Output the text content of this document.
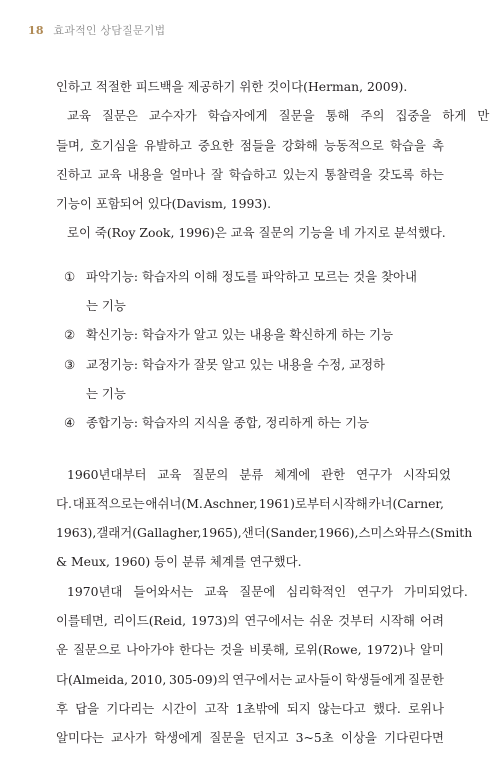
18 효과적인 상담질문기법
인하고 적절한 피드백을 제공하기 위한 것이다(Herman, 2009).
교육 질문은 교수자가 학습자에게 질문을 통해 주의 집중을 하게 만
들며, 호기심을 유발하고 중요한 점들을 강화해 능동적으로 학습을 촉
진하고 교육 내용을 얼마나 잘 학습하고 있는지 통찰력을 갖도록 하는
기능이 포함되어 있다(Davism, 1993).
로이 죽(Roy Zook, 1996)은 교육 질문의 기능을 네 가지로 분석했다.
① 파악기능: 학습자의 이해 정도를 파악하고 모르는 것을 찾아내
는 기능
② 확신기능: 학습자가 알고 있는 내용을 확신하게 하는 기능
③ 교정기능: 학습자가 잘못 알고 있는 내용을 수정, 교정하
는 기능
④ 종합기능: 학습자의 지식을 종합, 정리하게 하는 기능
1960년대부터 교육 질문의 분류 체계에 관한 연구가 시작되었
다. 대표적으로는 애쉬너(M. Aschner, 1961)로부터 시작해 카너(Carner,
1963), 갤래거(Gallagher, 1965), 샌더(Sander, 1966), 스미스와 뮤스(Smith
& Meux, 1960) 등이 분류 체계를 연구했다.
1970년대 들어와서는 교육 질문에 심리학적인 연구가 가미되었다.
이를테면, 리이드(Reid, 1973)의 연구에서는 쉬운 것부터 시작해 어려
운 질문으로 나아가야 한다는 것을 비롯해, 로위(Rowe, 1972)나 알미
다(Almeida, 2010, 305-09)의 연구에서는 교사들이 학생들에게 질문한
후 답을 기다리는 시간이 고작 1초밖에 되지 않는다고 했다. 로위나
알미다는 교사가 학생에게 질문을 던지고 3~5초 이상을 기다린다면
